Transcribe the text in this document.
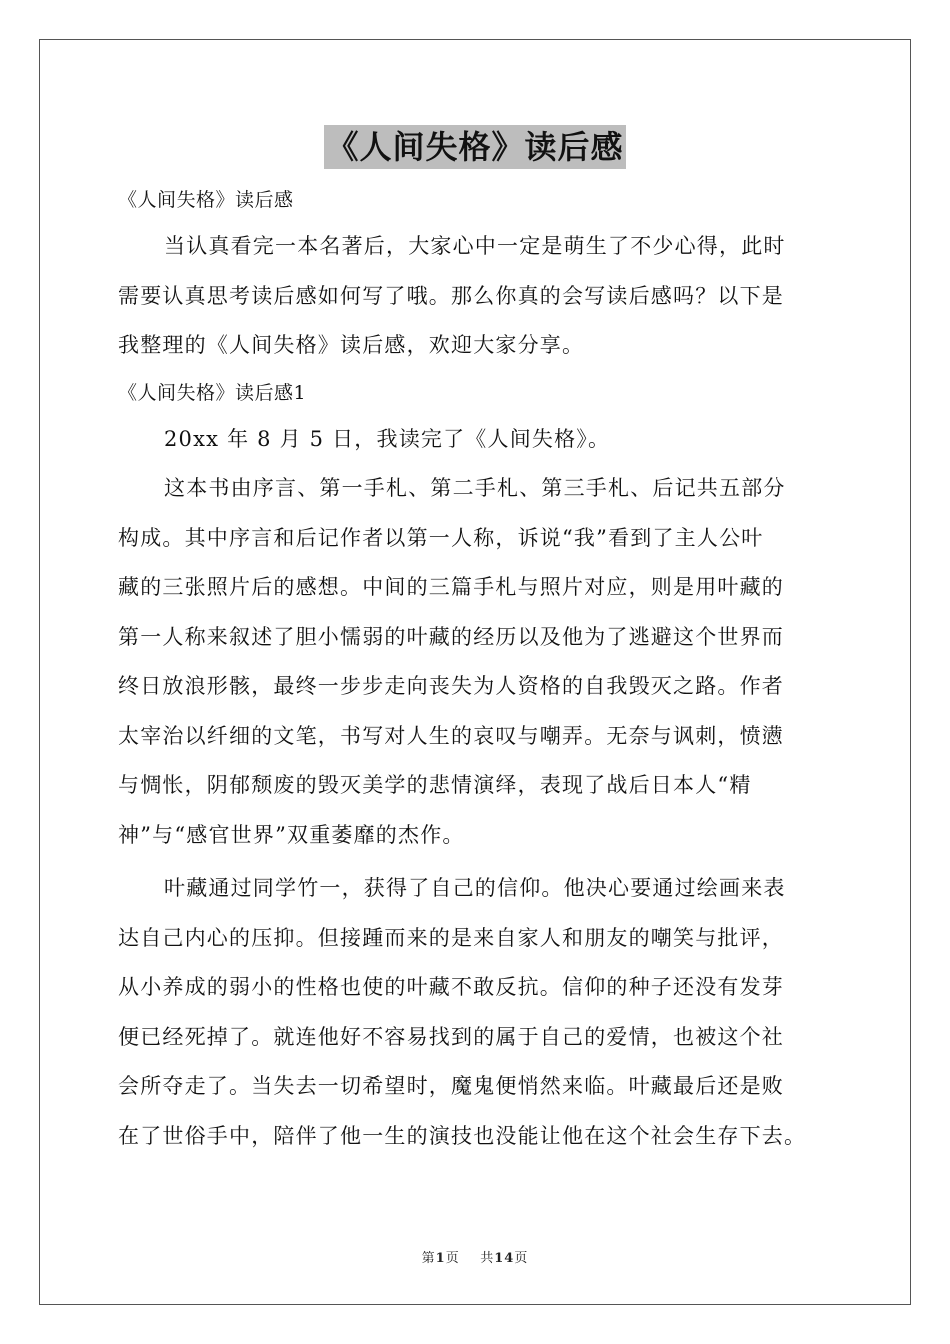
《人间失格》读后感
《人间失格》读后感
当认真看完一本名著后，大家心中一定是萌生了不少心得，此时
需要认真思考读后感如何写了哦。那么你真的会写读后感吗？以下是
我整理的《人间失格》读后感，欢迎大家分享。
《人间失格》读后感1
20xx 年 8 月 5 日，我读完了《人间失格》。
这本书由序言、第一手札、第二手札、第三手札、后记共五部分
构成。其中序言和后记作者以第一人称，诉说“我”看到了主人公叶
藏的三张照片后的感想。中间的三篇手札与照片对应，则是用叶藏的
第一人称来叙述了胆小懦弱的叶藏的经历以及他为了逃避这个世界而
终日放浪形骸，最终一步步走向丧失为人资格的自我毁灭之路。作者
太宰治以纤细的文笔，书写对人生的哀叹与嘲弄。无奈与讽刺，愤懑
与惆怅，阴郁颓废的毁灭美学的悲情演绎，表现了战后日本人“精
神”与“感官世界”双重萎靡的杰作。
叶藏通过同学竹一，获得了自己的信仰。他决心要通过绘画来表
达自己内心的压抑。但接踵而来的是来自家人和朋友的嘲笑与批评，
从小养成的弱小的性格也使的叶藏不敢反抗。信仰的种子还没有发芽
便已经死掉了。就连他好不容易找到的属于自己的爱情，也被这个社
会所夺走了。当失去一切希望时，魔鬼便悄然来临。叶藏最后还是败
在了世俗手中，陪伴了他一生的演技也没能让他在这个社会生存下去。
第1页 共14页
